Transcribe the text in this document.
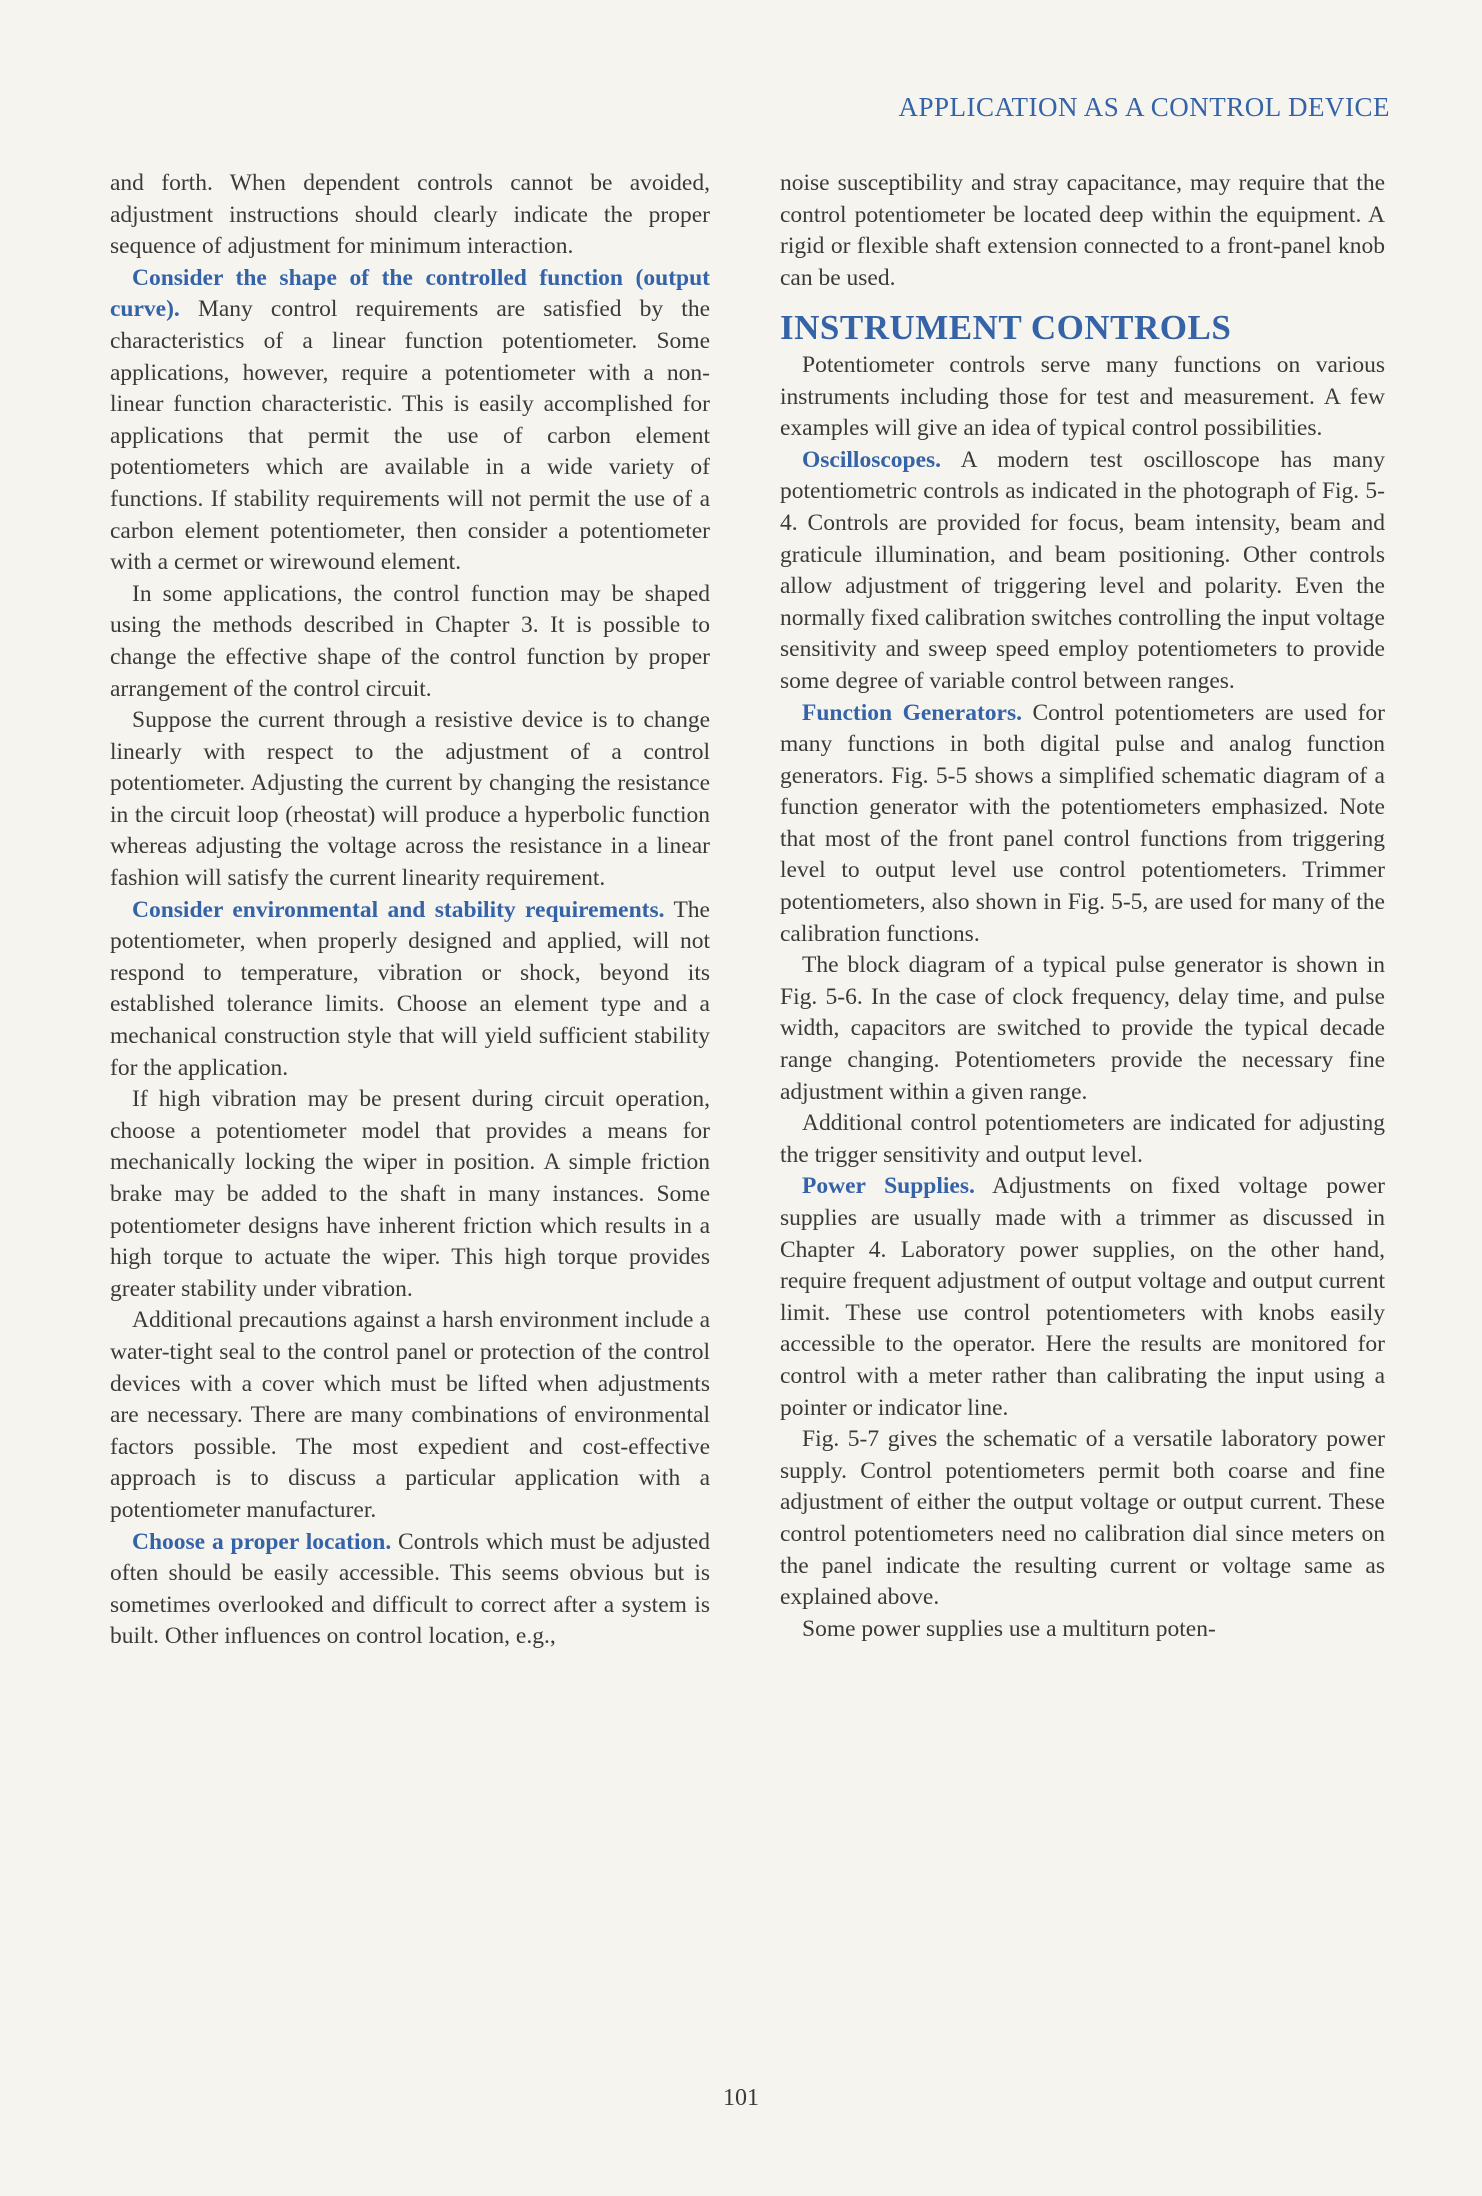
APPLICATION AS A CONTROL DEVICE

and forth. When dependent controls cannot be avoided, adjustment instructions should clearly indicate the proper sequence of adjustment for minimum interaction.

Consider the shape of the controlled function (output curve). Many control requirements are satisfied by the characteristics of a linear function potentiometer. Some applications, however, require a potentiometer with a non-linear function characteristic. This is easily accomplished for applications that permit the use of carbon element potentiometers which are available in a wide variety of functions. If stability requirements will not permit the use of a carbon element potentiometer, then consider a potentiometer with a cermet or wirewound element.

In some applications, the control function may be shaped using the methods described in Chapter 3. It is possible to change the effective shape of the control function by proper arrangement of the control circuit.

Suppose the current through a resistive device is to change linearly with respect to the adjustment of a control potentiometer. Adjusting the current by changing the resistance in the circuit loop (rheostat) will produce a hyperbolic function whereas adjusting the voltage across the resistance in a linear fashion will satisfy the current linearity requirement.

Consider environmental and stability requirements. The potentiometer, when properly designed and applied, will not respond to temperature, vibration or shock, beyond its established tolerance limits. Choose an element type and a mechanical construction style that will yield sufficient stability for the application.

If high vibration may be present during circuit operation, choose a potentiometer model that provides a means for mechanically locking the wiper in position. A simple friction brake may be added to the shaft in many instances. Some potentiometer designs have inherent friction which results in a high torque to actuate the wiper. This high torque provides greater stability under vibration.

Additional precautions against a harsh environment include a water-tight seal to the control panel or protection of the control devices with a cover which must be lifted when adjustments are necessary. There are many combinations of environmental factors possible. The most expedient and cost-effective approach is to discuss a particular application with a potentiometer manufacturer.

Choose a proper location. Controls which must be adjusted often should be easily accessible. This seems obvious but is sometimes overlooked and difficult to correct after a system is built. Other influences on control location, e.g.,

noise susceptibility and stray capacitance, may require that the control potentiometer be located deep within the equipment. A rigid or flexible shaft extension connected to a front-panel knob can be used.

INSTRUMENT CONTROLS

Potentiometer controls serve many functions on various instruments including those for test and measurement. A few examples will give an idea of typical control possibilities.

Oscilloscopes. A modern test oscilloscope has many potentiometric controls as indicated in the photograph of Fig. 5-4. Controls are provided for focus, beam intensity, beam and graticule illumination, and beam positioning. Other controls allow adjustment of triggering level and polarity. Even the normally fixed calibration switches controlling the input voltage sensitivity and sweep speed employ potentiometers to provide some degree of variable control between ranges.

Function Generators. Control potentiometers are used for many functions in both digital pulse and analog function generators. Fig. 5-5 shows a simplified schematic diagram of a function generator with the potentiometers emphasized. Note that most of the front panel control functions from triggering level to output level use control potentiometers. Trimmer potentiometers, also shown in Fig. 5-5, are used for many of the calibration functions.

The block diagram of a typical pulse generator is shown in Fig. 5-6. In the case of clock frequency, delay time, and pulse width, capacitors are switched to provide the typical decade range changing. Potentiometers provide the necessary fine adjustment within a given range.

Additional control potentiometers are indicated for adjusting the trigger sensitivity and output level.

Power Supplies. Adjustments on fixed voltage power supplies are usually made with a trimmer as discussed in Chapter 4. Laboratory power supplies, on the other hand, require frequent adjustment of output voltage and output current limit. These use control potentiometers with knobs easily accessible to the operator. Here the results are monitored for control with a meter rather than calibrating the input using a pointer or indicator line.

Fig. 5-7 gives the schematic of a versatile laboratory power supply. Control potentiometers permit both coarse and fine adjustment of either the output voltage or output current. These control potentiometers need no calibration dial since meters on the panel indicate the resulting current or voltage same as explained above.

Some power supplies use a multiturn poten-

101
